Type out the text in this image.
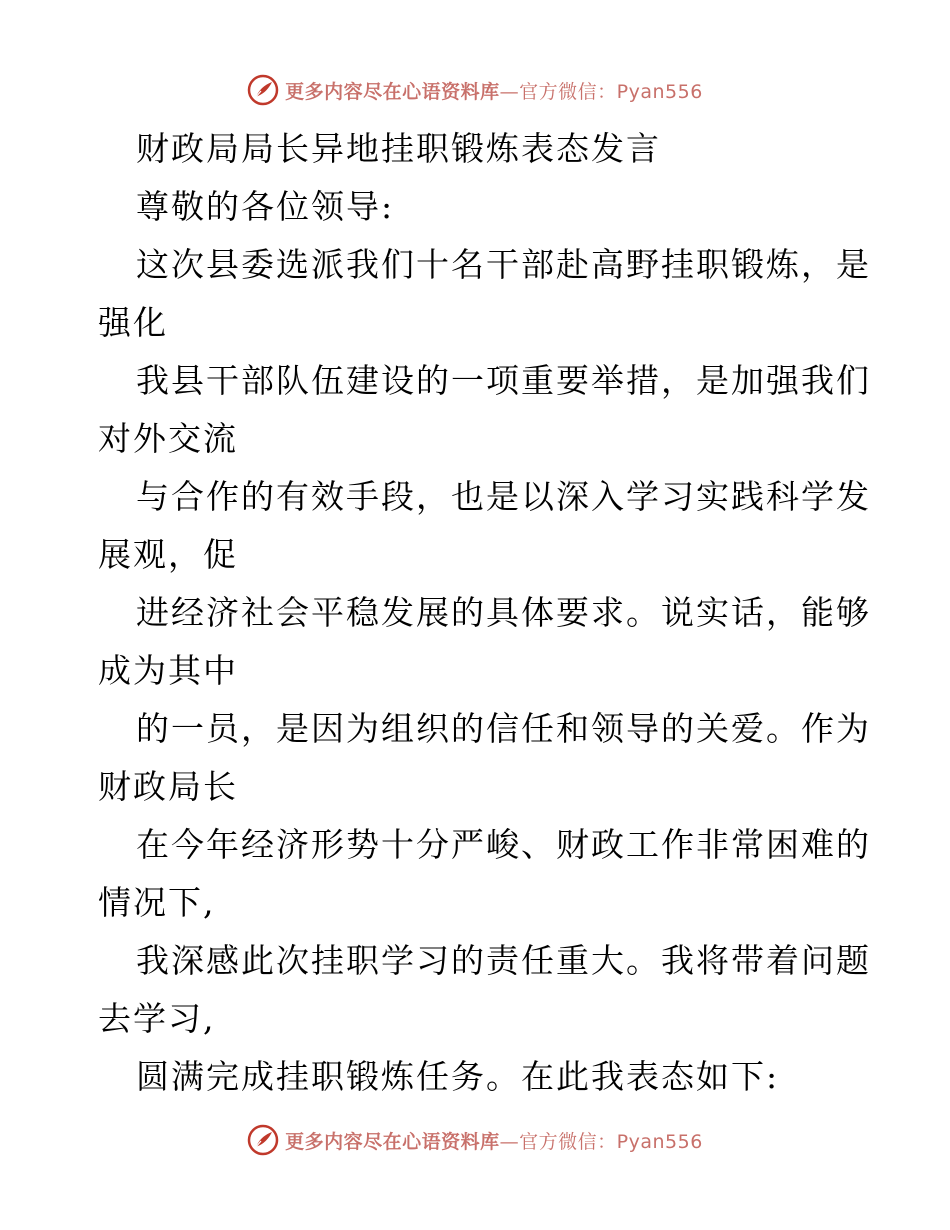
更多内容尽在心语资料库—官方微信：Pyan556
财政局局长异地挂职锻炼表态发言
尊敬的各位领导:
这次县委选派我们十名干部赴高野挂职锻炼，是
强化
我县干部队伍建设的一项重要举措，是加强我们
对外交流
与合作的有效手段，也是以深入学习实践科学发
展观，促
进经济社会平稳发展的具体要求。说实话，能够
成为其中
的一员，是因为组织的信任和领导的关爱。作为
财政局长
在今年经济形势十分严峻、财政工作非常困难的
情况下,
我深感此次挂职学习的责任重大。我将带着问题
去学习,
圆满完成挂职锻炼任务。在此我表态如下:
更多内容尽在心语资料库—官方微信：Pyan556
